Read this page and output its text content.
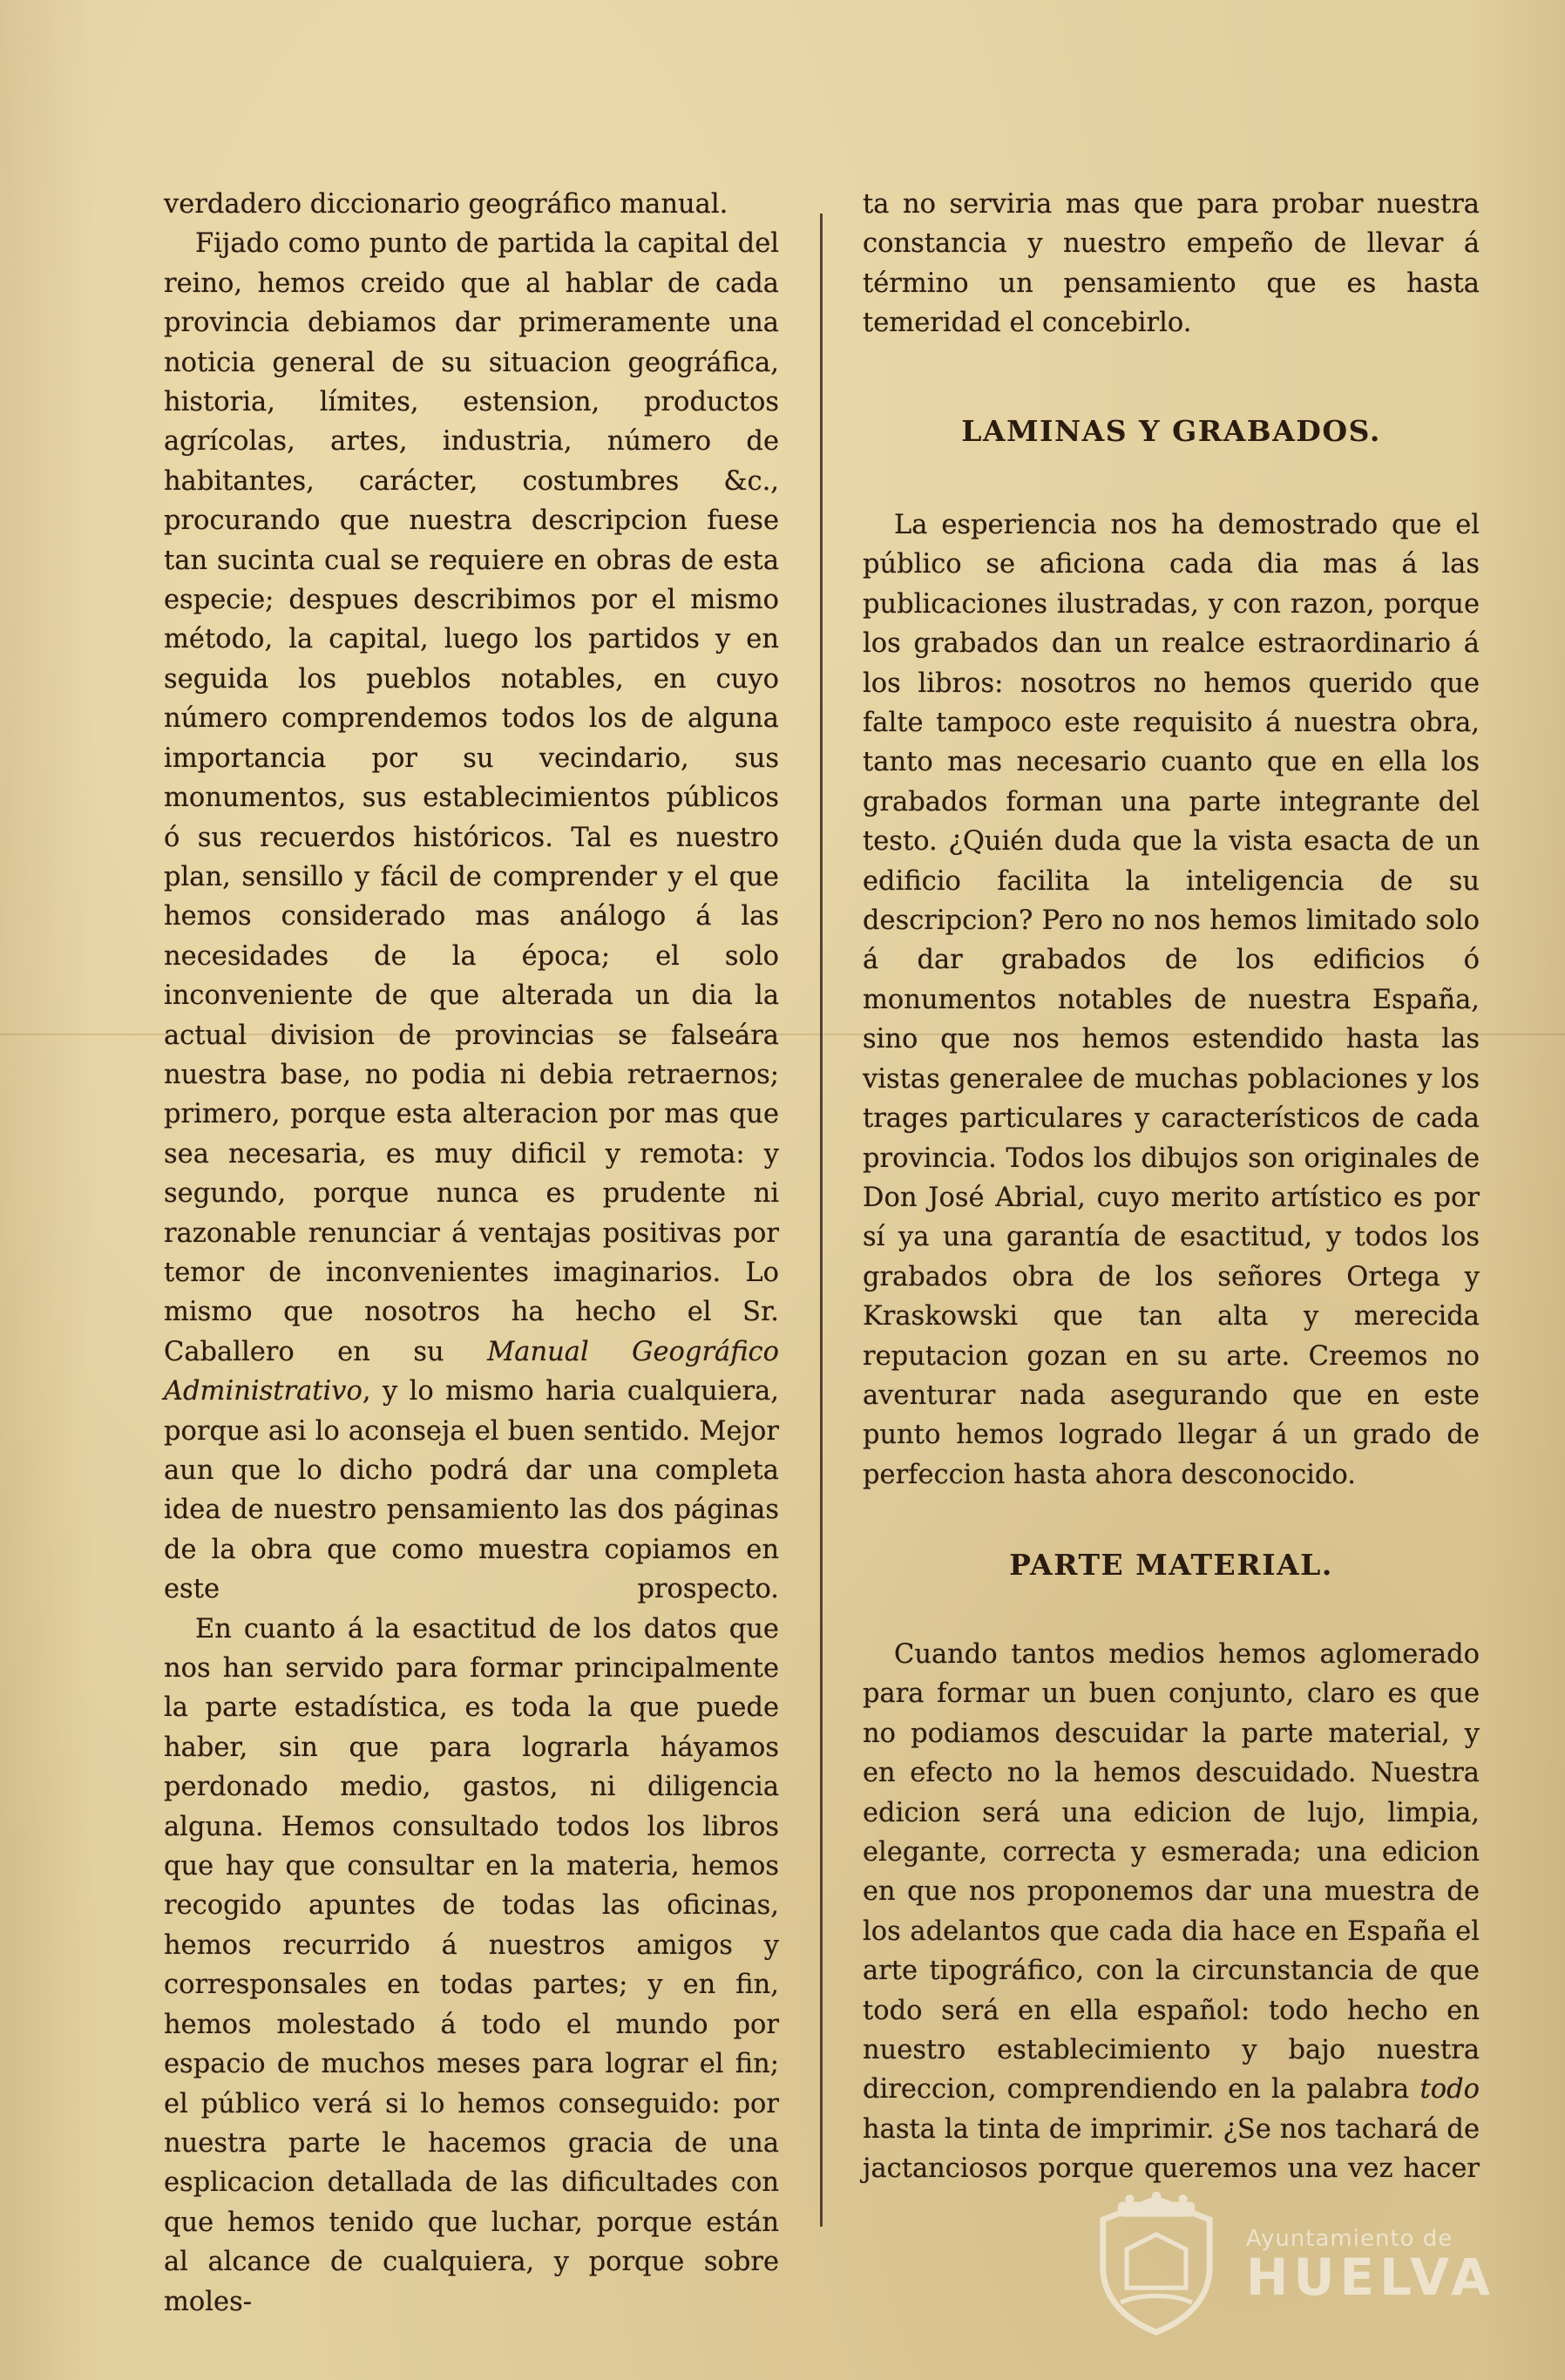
verdadero diccionario geográfico manual.

Fijado como punto de partida la capital del reino, hemos creido que al hablar de cada provincia debiamos dar primeramente una noticia general de su situacion geográfica, historia, límites, estension, productos agrícolas, artes, industria, número de habitantes, carácter, costumbres &c., procurando que nuestra descripcion fuese tan sucinta cual se requiere en obras de esta especie; despues describimos por el mismo método, la capital, luego los partidos y en seguida los pueblos notables, en cuyo número comprendemos todos los de alguna importancia por su vecindario, sus monumentos, sus establecimientos públicos ó sus recuerdos históricos. Tal es nuestro plan, sensillo y fácil de comprender y el que hemos considerado mas análogo á las necesidades de la época; el solo inconveniente de que alterada un dia la actual division de provincias se falseára nuestra base, no podia ni debia retraernos; primero, porque esta alteracion por mas que sea necesaria, es muy dificil y remota: y segundo, porque nunca es prudente ni razonable renunciar á ventajas positivas por temor de inconvenientes imaginarios. Lo mismo que nosotros ha hecho el Sr. Caballero en su Manual Geográfico Administrativo, y lo mismo haria cualquiera, porque asi lo aconseja el buen sentido. Mejor aun que lo dicho podrá dar una completa idea de nuestro pensamiento las dos páginas de la obra que como muestra copiamos en este prospecto.

En cuanto á la esactitud de los datos que nos han servido para formar principalmente la parte estadística, es toda la que puede haber, sin que para lograrla háyamos perdonado medio, gastos, ni diligencia alguna. Hemos consultado todos los libros que hay que consultar en la materia, hemos recogido apuntes de todas las oficinas, hemos recurrido á nuestros amigos y corresponsales en todas partes; y en fin, hemos molestado á todo el mundo por espacio de muchos meses para lograr el fin; el público verá si lo hemos conseguido: por nuestra parte le hacemos gracia de una esplicacion detallada de las dificultades con que hemos tenido que luchar, porque están al alcance de cualquiera, y porque sobre moles-

ta no serviria mas que para probar nuestra constancia y nuestro empeño de llevar á término un pensamiento que es hasta temeridad el concebirlo.

LAMINAS Y GRABADOS.

La esperiencia nos ha demostrado que el público se aficiona cada dia mas á las publicaciones ilustradas, y con razon, porque los grabados dan un realce estraordinario á los libros: nosotros no hemos querido que falte tampoco este requisito á nuestra obra, tanto mas necesario cuanto que en ella los grabados forman una parte integrante del testo. ¿Quién duda que la vista esacta de un edificio facilita la inteligencia de su descripcion? Pero no nos hemos limitado solo á dar grabados de los edificios ó monumentos notables de nuestra España, sino que nos hemos estendido hasta las vistas generalee de muchas poblaciones y los trages particulares y característicos de cada provincia. Todos los dibujos son originales de Don José Abrial, cuyo merito artístico es por sí ya una garantía de esactitud, y todos los grabados obra de los señores Ortega y Kraskowski que tan alta y merecida reputacion gozan en su arte. Creemos no aventurar nada asegurando que en este punto hemos logrado llegar á un grado de perfeccion hasta ahora desconocido.

PARTE MATERIAL.

Cuando tantos medios hemos aglomerado para formar un buen conjunto, claro es que no podiamos descuidar la parte material, y en efecto no la hemos descuidado. Nuestra edicion será una edicion de lujo, limpia, elegante, correcta y esmerada; una edicion en que nos proponemos dar una muestra de los adelantos que cada dia hace en España el arte tipográfico, con la circunstancia de que todo será en ella español: todo hecho en nuestro establecimiento y bajo nuestra direccion, comprendiendo en la palabra todo hasta la tinta de imprimir. ¿Se nos tachará de jactanciosos porque queremos una vez hacer

Ayuntamiento de
HUELVA
